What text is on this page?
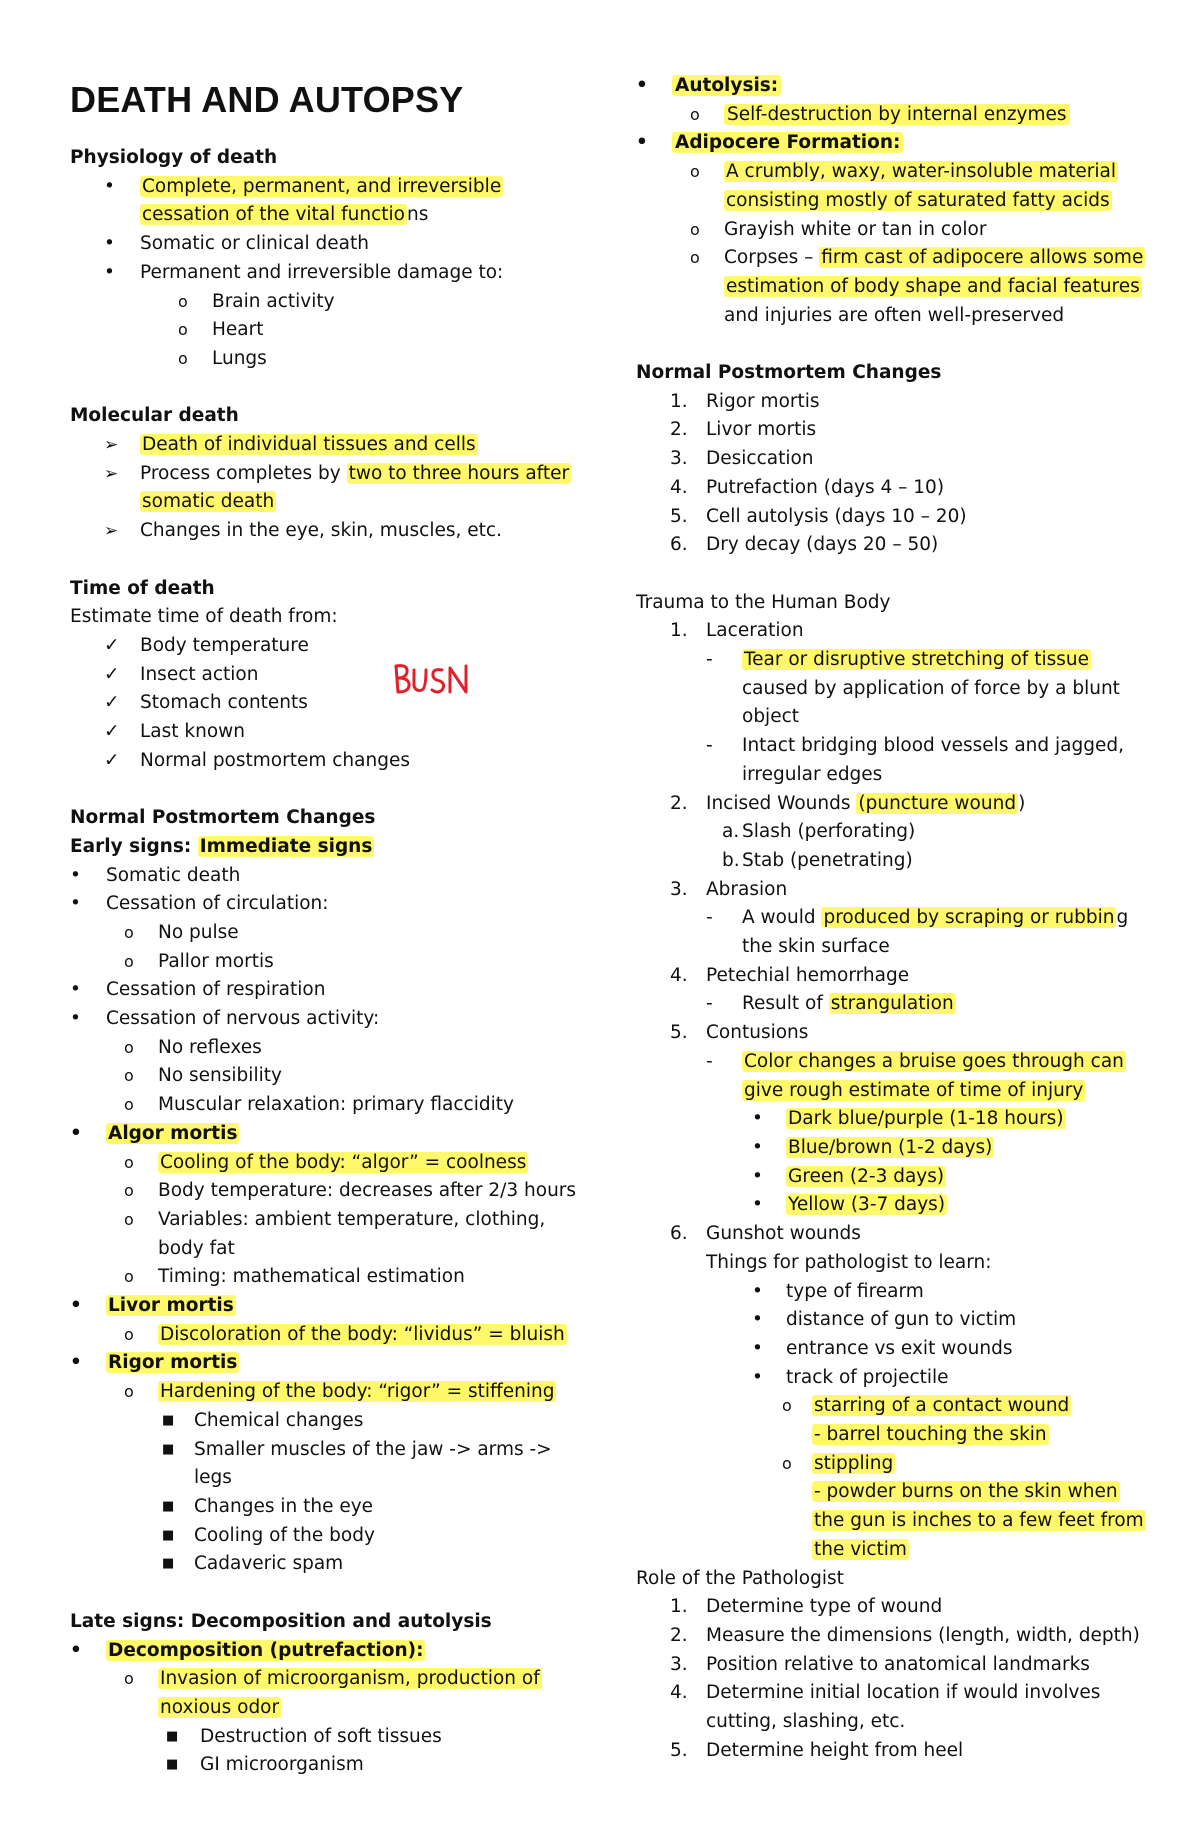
DEATH AND AUTOPSY
Physiology of death
• Complete, permanent, and irreversible
cessation of the vital functio ns
• Somatic or clinical death
• Permanent and irreversible damage to:
o Brain activity
o Heart
o Lungs
Molecular death
➢ Death of individual tissues and cells
➢ Process completes by two to three hours after
somatic death
➢ Changes in the eye, skin, muscles, etc.
Time of death
Estimate time of death from:
✓ Body temperature
✓ Insect action
✓ Stomach contents
✓ Last known
✓ Normal postmortem changes
Normal Postmortem Changes
Early signs: Immediate signs
• Somatic death
• Cessation of circulation:
o No pulse
o Pallor mortis
• Cessation of respiration
• Cessation of nervous activity:
o No reflexes
o No sensibility
o Muscular relaxation: primary flaccidity
• Algor mortis
o Cooling of the body: “algor” = coolness
o Body temperature: decreases after 2/3 hours
o Variables: ambient temperature, clothing,
body fat
o Timing: mathematical estimation
• Livor mortis
o Discoloration of the body: “lividus” = bluish
• Rigor mortis
o Hardening of the body: “rigor” = stiffening
■ Chemical changes
■ Smaller muscles of the jaw -> arms -> legs
■ Changes in the eye
■ Cooling of the body
■ Cadaveric spam
Late signs: Decomposition and autolysis
• Decomposition (putrefaction):
o Invasion of microorganism, production of
noxious odor
■ Destruction of soft tissues
■ GI microorganism
• Autolysis:
o Self-destruction by internal enzymes
• Adipocere Formation:
o A crumbly, waxy, water-insoluble material
consisting mostly of saturated fatty acids
o Grayish white or tan in color
o Corpses – firm cast of adipocere allows some
estimation of body shape and facial features
and injuries are often well-preserved
Normal Postmortem Changes
1. Rigor mortis
2. Livor mortis
3. Desiccation
4. Putrefaction (days 4 – 10)
5. Cell autolysis (days 10 – 20)
6. Dry decay (days 20 – 50)
Trauma to the Human Body
1. Laceration
- Tear or disruptive stretching of tissue
caused by application of force by a blunt
object
- Intact bridging blood vessels and jagged,
irregular edges
2. Incised Wounds (puncture wound )
a. Slash (perforating)
b. Stab (penetrating)
3. Abrasion
- A would produced by scraping or rubbin g
the skin surface
4. Petechial hemorrhage
- Result of strangulation
5. Contusions
- Color changes a bruise goes through can
give rough estimate of time of injury
• Dark blue/purple (1-18 hours)
• Blue/brown (1-2 days)
• Green (2-3 days)
• Yellow (3-7 days)
6. Gunshot wounds
Things for pathologist to learn:
• type of firearm
• distance of gun to victim
• entrance vs exit wounds
• track of projectile
o starring of a contact wound
- barrel touching the skin
o stippling
- powder burns on the skin when
the gun is inches to a few feet from
the victim
Role of the Pathologist
1. Determine type of wound
2. Measure the dimensions (length, width, depth)
3. Position relative to anatomical landmarks
4. Determine initial location if would involves
cutting, slashing, etc.
5. Determine height from heel
